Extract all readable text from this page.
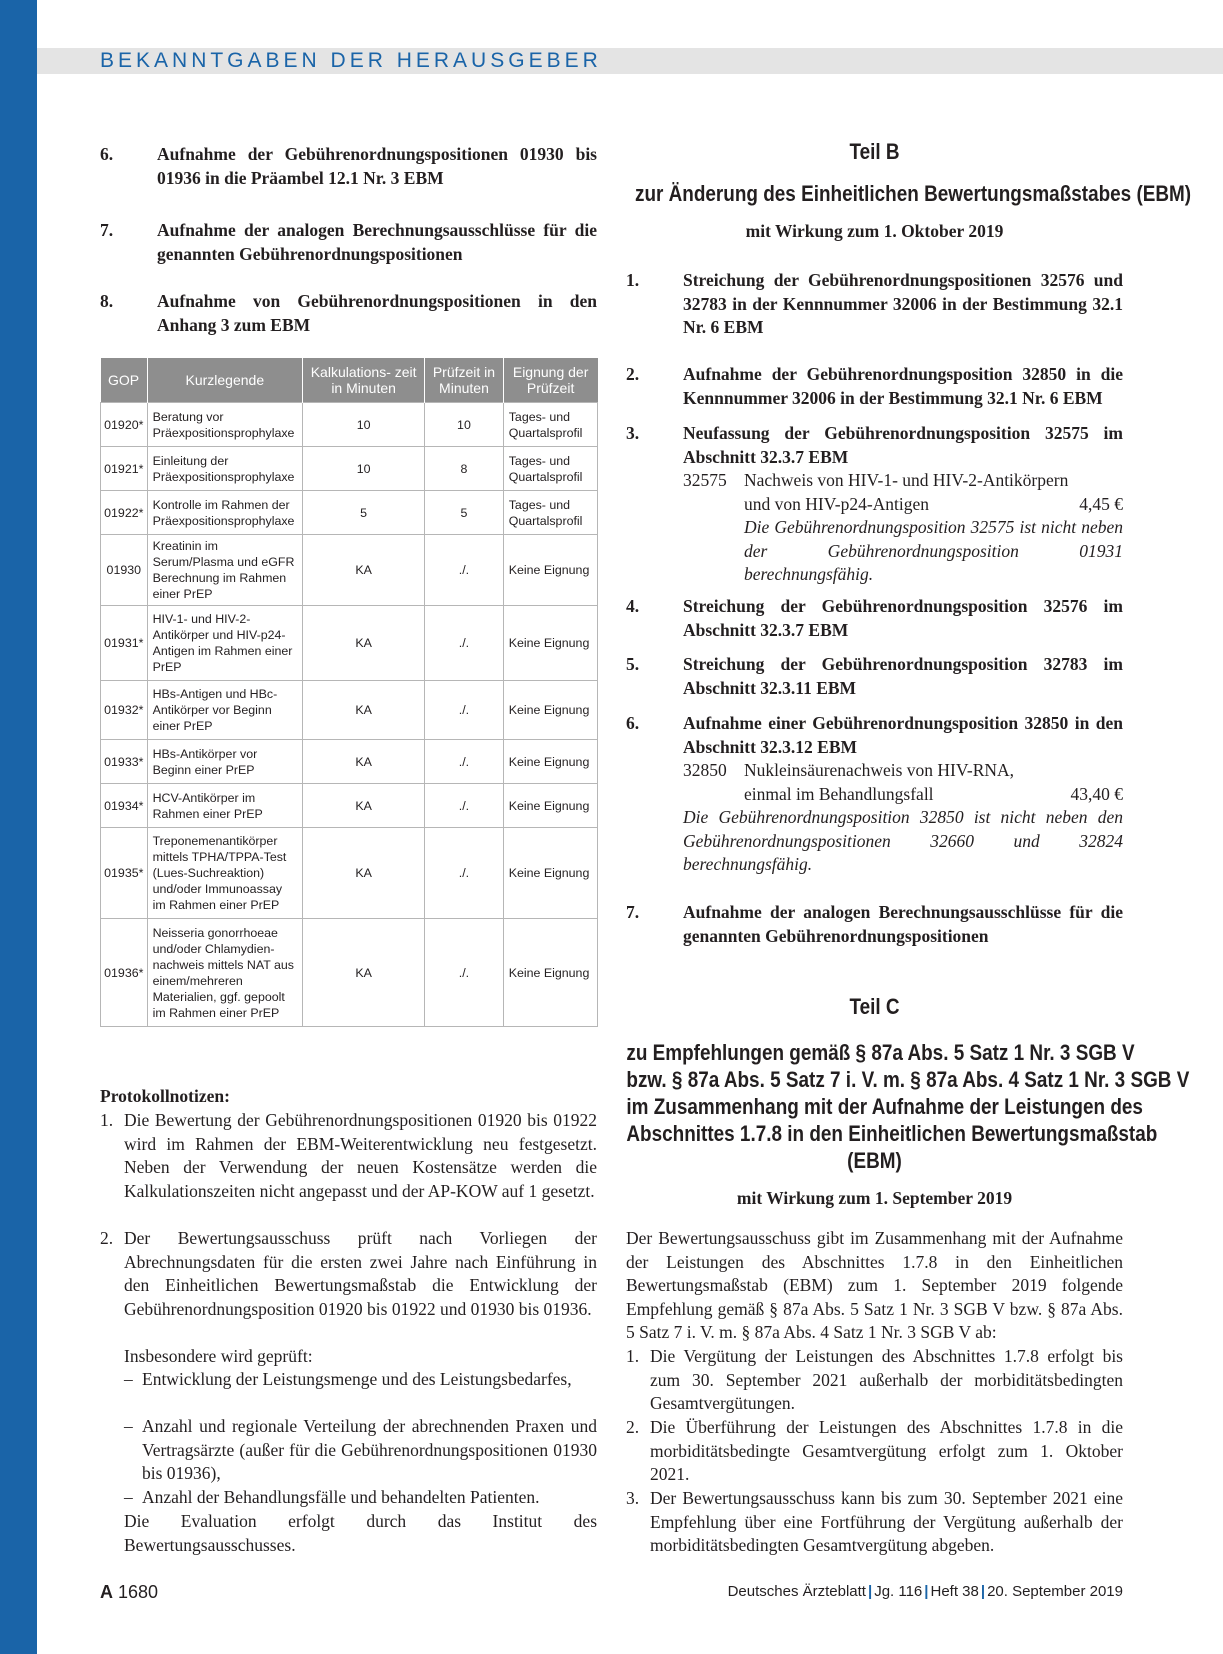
BEKANNTGABEN DER HERAUSGEBER
6.	Aufnahme der Gebührenordnungspositionen 01930 bis 01936 in die Präambel 12.1 Nr. 3 EBM
7.	Aufnahme der analogen Berechnungsausschlüsse für die genannten Gebührenordnungspositionen
8.	Aufnahme von Gebührenordnungspositionen in den Anhang 3 zum EBM
GOP	Kurzlegende	Kalkulations- zeit in Minuten	Prüfzeit in Minuten	Eignung der Prüfzeit
01920*	Beratung vor Präexpositionsprophylaxe	10	10	Tages- und Quartalsprofil
01921*	Einleitung der Präexpositionsprophylaxe	10	8	Tages- und Quartalsprofil
01922*	Kontrolle im Rahmen der Präexpositionsprophylaxe	5	5	Tages- und Quartalsprofil
01930	Kreatinin im Serum/Plasma und eGFR Berechnung im Rahmen einer PrEP	KA	./.	Keine Eignung
01931*	HIV-1- und HIV-2-Antikörper und HIV-p24-Antigen im Rahmen einer PrEP	KA	./.	Keine Eignung
01932*	HBs-Antigen und HBc-Antikörper vor Beginn einer PrEP	KA	./.	Keine Eignung
01933*	HBs-Antikörper vor Beginn einer PrEP	KA	./.	Keine Eignung
01934*	HCV-Antikörper im Rahmen einer PrEP	KA	./.	Keine Eignung
01935*	Treponemenantikörper mittels TPHA/TPPA-Test (Lues-Suchreaktion) und/oder Immunoassay im Rahmen einer PrEP	KA	./.	Keine Eignung
01936*	Neisseria gonorrhoeae und/oder Chlamydien-nachweis mittels NAT aus einem/mehreren Materialien, ggf. gepoolt im Rahmen einer PrEP	KA	./.	Keine Eignung
Protokollnotizen:
1. Die Bewertung der Gebührenordnungspositionen 01920 bis 01922 wird im Rahmen der EBM-Weiterentwicklung neu festgesetzt. Neben der Verwendung der neuen Kostensätze werden die Kalkulationszeiten nicht angepasst und der AP-KOW auf 1 gesetzt.
2. Der Bewertungsausschuss prüft nach Vorliegen der Abrechnungsdaten für die ersten zwei Jahre nach Einführung in den Einheitlichen Bewertungsmaßstab die Entwicklung der Gebührenordnungsposition 01920 bis 01922 und 01930 bis 01936.
Insbesondere wird geprüft:
– Entwicklung der Leistungsmenge und des Leistungsbedarfes,
– Anzahl und regionale Verteilung der abrechnenden Praxen und Vertragsärzte (außer für die Gebührenordnungspositionen 01930 bis 01936),
– Anzahl der Behandlungsfälle und behandelten Patienten.
Die Evaluation erfolgt durch das Institut des Bewertungsausschusses.
Teil B
zur Änderung des Einheitlichen Bewertungsmaßstabes (EBM)
mit Wirkung zum 1. Oktober 2019
1.	Streichung der Gebührenordnungspositionen 32576 und 32783 in der Kennnummer 32006 in der Bestimmung 32.1 Nr. 6 EBM
2.	Aufnahme der Gebührenordnungsposition 32850 in die Kennnummer 32006 in der Bestimmung 32.1 Nr. 6 EBM
3.	Neufassung der Gebührenordnungsposition 32575 im Abschnitt 32.3.7 EBM
32575 Nachweis von HIV-1- und HIV-2-Antikörpern
und von HIV-p24-Antigen	4,45 €
Die Gebührenordnungsposition 32575 ist nicht neben der Gebührenordnungsposition 01931 berechnungsfähig.
4.	Streichung der Gebührenordnungsposition 32576 im Abschnitt 32.3.7 EBM
5.	Streichung der Gebührenordnungsposition 32783 im Abschnitt 32.3.11 EBM
6.	Aufnahme einer Gebührenordnungsposition 32850 in den Abschnitt 32.3.12 EBM
32850 Nukleinsäurenachweis von HIV-RNA,
einmal im Behandlungsfall	43,40 €
Die Gebührenordnungsposition 32850 ist nicht neben den Gebührenordnungspositionen 32660 und 32824 berechnungsfähig.
7.	Aufnahme der analogen Berechnungsausschlüsse für die genannten Gebührenordnungspositionen
Teil C
zu Empfehlungen gemäß § 87a Abs. 5 Satz 1 Nr. 3 SGB V
bzw. § 87a Abs. 5 Satz 7 i. V. m. § 87a Abs. 4 Satz 1 Nr. 3 SGB V
im Zusammenhang mit der Aufnahme der Leistungen des
Abschnittes 1.7.8 in den Einheitlichen Bewertungsmaßstab
(EBM)
mit Wirkung zum 1. September 2019
Der Bewertungsausschuss gibt im Zusammenhang mit der Aufnahme der Leistungen des Abschnittes 1.7.8 in den Einheitlichen Bewertungsmaßstab (EBM) zum 1. September 2019 folgende Empfehlung gemäß § 87a Abs. 5 Satz 1 Nr. 3 SGB V bzw. § 87a Abs. 5 Satz 7 i. V. m. § 87a Abs. 4 Satz 1 Nr. 3 SGB V ab:
1. Die Vergütung der Leistungen des Abschnittes 1.7.8 erfolgt bis zum 30. September 2021 außerhalb der morbiditätsbedingten Gesamtvergütungen.
2. Die Überführung der Leistungen des Abschnittes 1.7.8 in die morbiditätsbedingte Gesamtvergütung erfolgt zum 1. Oktober 2021.
3. Der Bewertungsausschuss kann bis zum 30. September 2021 eine Empfehlung über eine Fortführung der Vergütung außerhalb der morbiditätsbedingten Gesamtvergütung abgeben.
A 1680	Deutsches Ärzteblatt | Jg. 116 | Heft 38 | 20. September 2019
